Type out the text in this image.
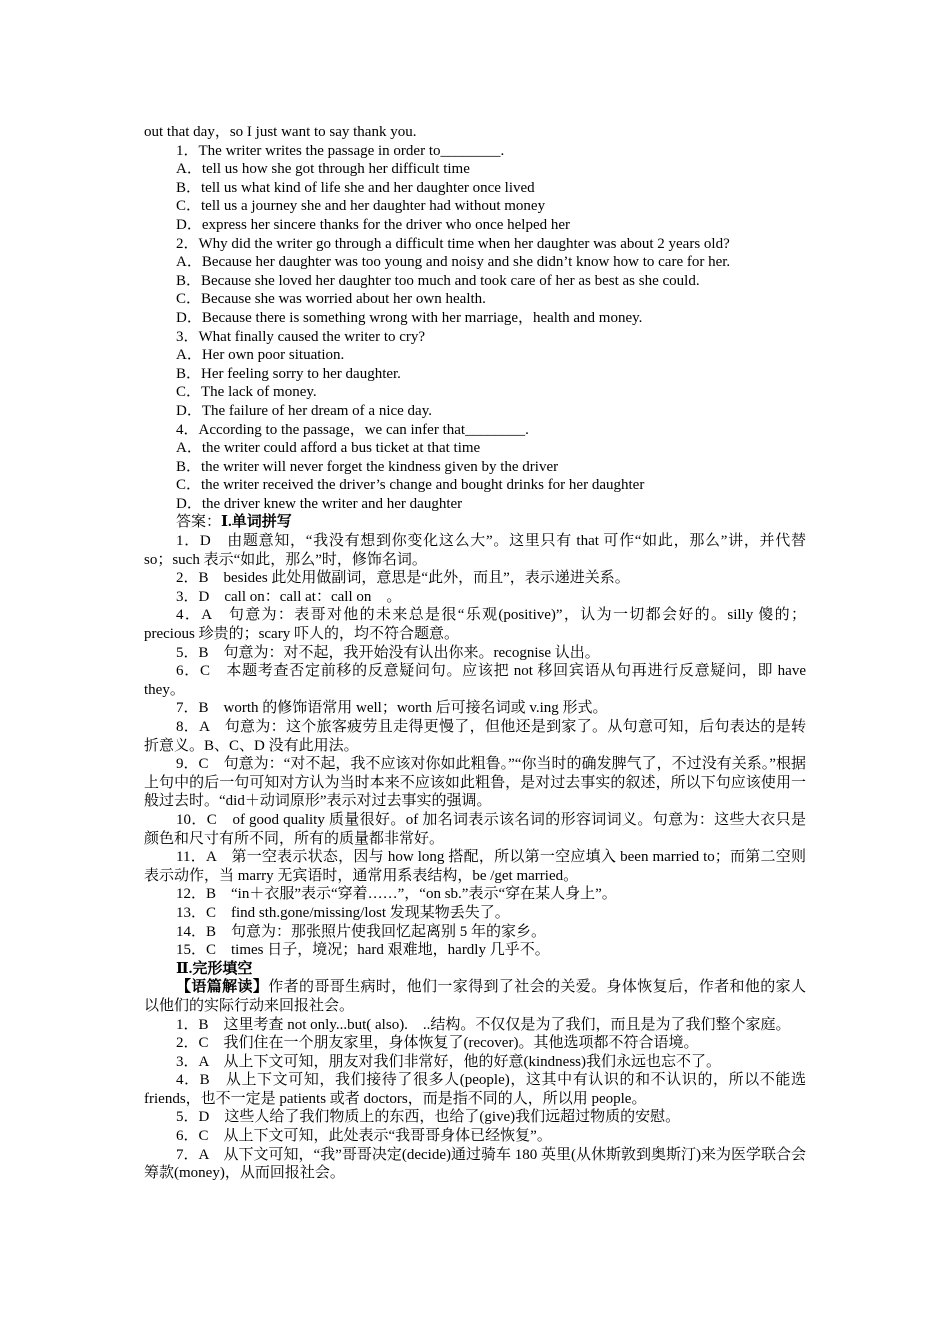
out that day，so I just want to say thank you.
1．The writer writes the passage in order to________.
A．tell us how she got through her difficult time
B．tell us what kind of life she and her daughter once lived
C．tell us a journey she and her daughter had without money
D．express her sincere thanks for the driver who once helped her
2．Why did the writer go through a difficult time when her daughter was about 2 years old?
A．Because her daughter was too young and noisy and she didn’t know how to care for her.
B．Because she loved her daughter too much and took care of her as best as she could.
C．Because she was worried about her own health.
D．Because there is something wrong with her marriage，health and money.
3．What finally caused the writer to cry?
A．Her own poor situation.
B．Her feeling sorry to her daughter.
C．The lack of money.
D．The failure of her dream of a nice day.
4．According to the passage，we can infer that________.
A．the writer could afford a bus ticket at that time
B．the writer will never forget the kindness given by the driver
C．the writer received the driver’s change and bought drinks for her daughter
D．the driver knew the writer and her daughter
答案：Ⅰ.单词拼写
1．D　由题意知，“我没有想到你变化这么大”。这里只有 that 可作“如此，那么”讲，并代替 so；such 表示“如此，那么”时，修饰名词。
2．B　besides 此处用做副词，意思是“此外，而且”，表示递进关系。
3．D　call on：call at：call on　。
4．A　句意为：表哥对他的未来总是很“乐观(positive)”，认为一切都会好的。silly 傻的；precious 珍贵的；scary 吓人的，均不符合题意。
5．B　句意为：对不起，我开始没有认出你来。recognise 认出。
6．C　本题考查否定前移的反意疑问句。应该把 not 移回宾语从句再进行反意疑问，即 have they。
7．B　worth 的修饰语常用 well；worth 后可接名词或 v.ing 形式。
8．A　句意为：这个旅客疲劳且走得更慢了，但他还是到家了。从句意可知，后句表达的是转折意义。B、C、D 没有此用法。
9．C　句意为：“对不起，我不应该对你如此粗鲁。”“你当时的确发脾气了，不过没有关系。”根据上句中的后一句可知对方认为当时本来不应该如此粗鲁，是对过去事实的叙述，所以下句应该使用一般过去时。“did＋动词原形”表示对过去事实的强调。
10．C　of good quality 质量很好。of 加名词表示该名词的形容词词义。句意为：这些大衣只是颜色和尺寸有所不同，所有的质量都非常好。
11．A　第一空表示状态，因与 how long 搭配，所以第一空应填入 been married to；而第二空则表示动作，当 marry 无宾语时，通常用系表结构，be /get married。
12．B　“in＋衣服”表示“穿着……”，“on sb.”表示“穿在某人身上”。
13．C　find sth.gone/missing/lost 发现某物丢失了。
14．B　句意为：那张照片使我回忆起离别 5 年的家乡。
15．C　times 日子，境况；hard 艰难地，hardly 几乎不。
Ⅱ.完形填空
【语篇解读】作者的哥哥生病时，他们一家得到了社会的关爱。身体恢复后，作者和他的家人以他们的实际行动来回报社会。
1．B　这里考查 not only...but( also).　..结构。不仅仅是为了我们，而且是为了我们整个家庭。
2．C　我们住在一个朋友家里，身体恢复了(recover)。其他选项都不符合语境。
3．A　从上下文可知，朋友对我们非常好，他的好意(kindness)我们永远也忘不了。
4．B　从上下文可知，我们接待了很多人(people)，这其中有认识的和不认识的，所以不能选 friends，也不一定是 patients 或者 doctors，而是指不同的人，所以用 people。
5．D　这些人给了我们物质上的东西，也给了(give)我们远超过物质的安慰。
6．C　从上下文可知，此处表示“我哥哥身体已经恢复”。
7．A　从下文可知，“我”哥哥决定(decide)通过骑车 180 英里(从休斯敦到奥斯汀)来为医学联合会筹款(money)，从而回报社会。
